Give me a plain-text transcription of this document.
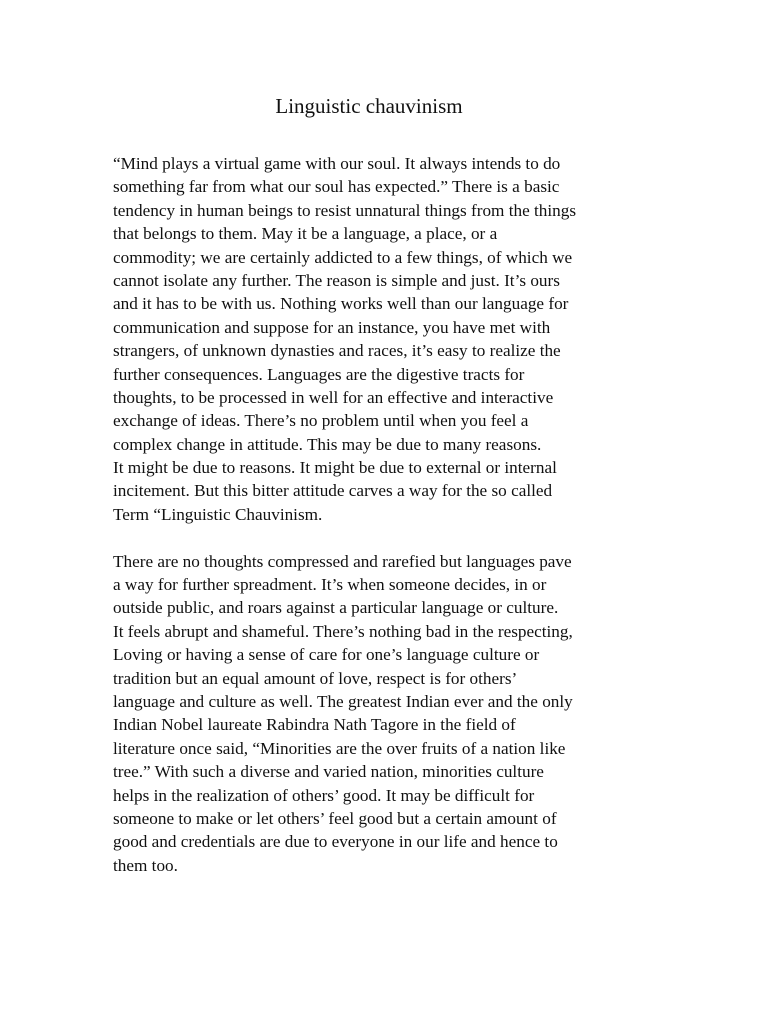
Linguistic chauvinism
“Mind plays a virtual game with our soul. It always intends to do
something far from what our soul has expected.” There is a basic
tendency in human beings to resist unnatural things from the things
that belongs to them. May it be a language, a place, or a
commodity; we are certainly addicted to a few things, of which we
cannot isolate any further. The reason is simple and just. It’s ours
and it has to be with us. Nothing works well than our language for
communication and suppose for an instance, you have met with
strangers, of unknown dynasties and races, it’s easy to realize the
further consequences. Languages are the digestive tracts for
thoughts, to be processed in well for an effective and interactive
exchange of ideas. There’s no problem until when you feel a
complex change in attitude. This may be due to many reasons.
It might be due to reasons. It might be due to external or internal
incitement. But this bitter attitude carves a way for the so called
Term “Linguistic Chauvinism.
There are no thoughts compressed and rarefied but languages pave
a way for further spreadment. It’s when someone decides, in or
outside public, and roars against a particular language or culture.
It feels abrupt and shameful. There’s nothing bad in the respecting,
Loving or having a sense of care for one’s language culture or
tradition but an equal amount of love, respect is for others’
language and culture as well. The greatest Indian ever and the only
Indian Nobel laureate Rabindra Nath Tagore in the field of
literature once said, “Minorities are the over fruits of a nation like
tree.” With such a diverse and varied nation, minorities culture
helps in the realization of others’ good. It may be difficult for
someone to make or let others’ feel good but a certain amount of
good and credentials are due to everyone in our life and hence to
them too.
